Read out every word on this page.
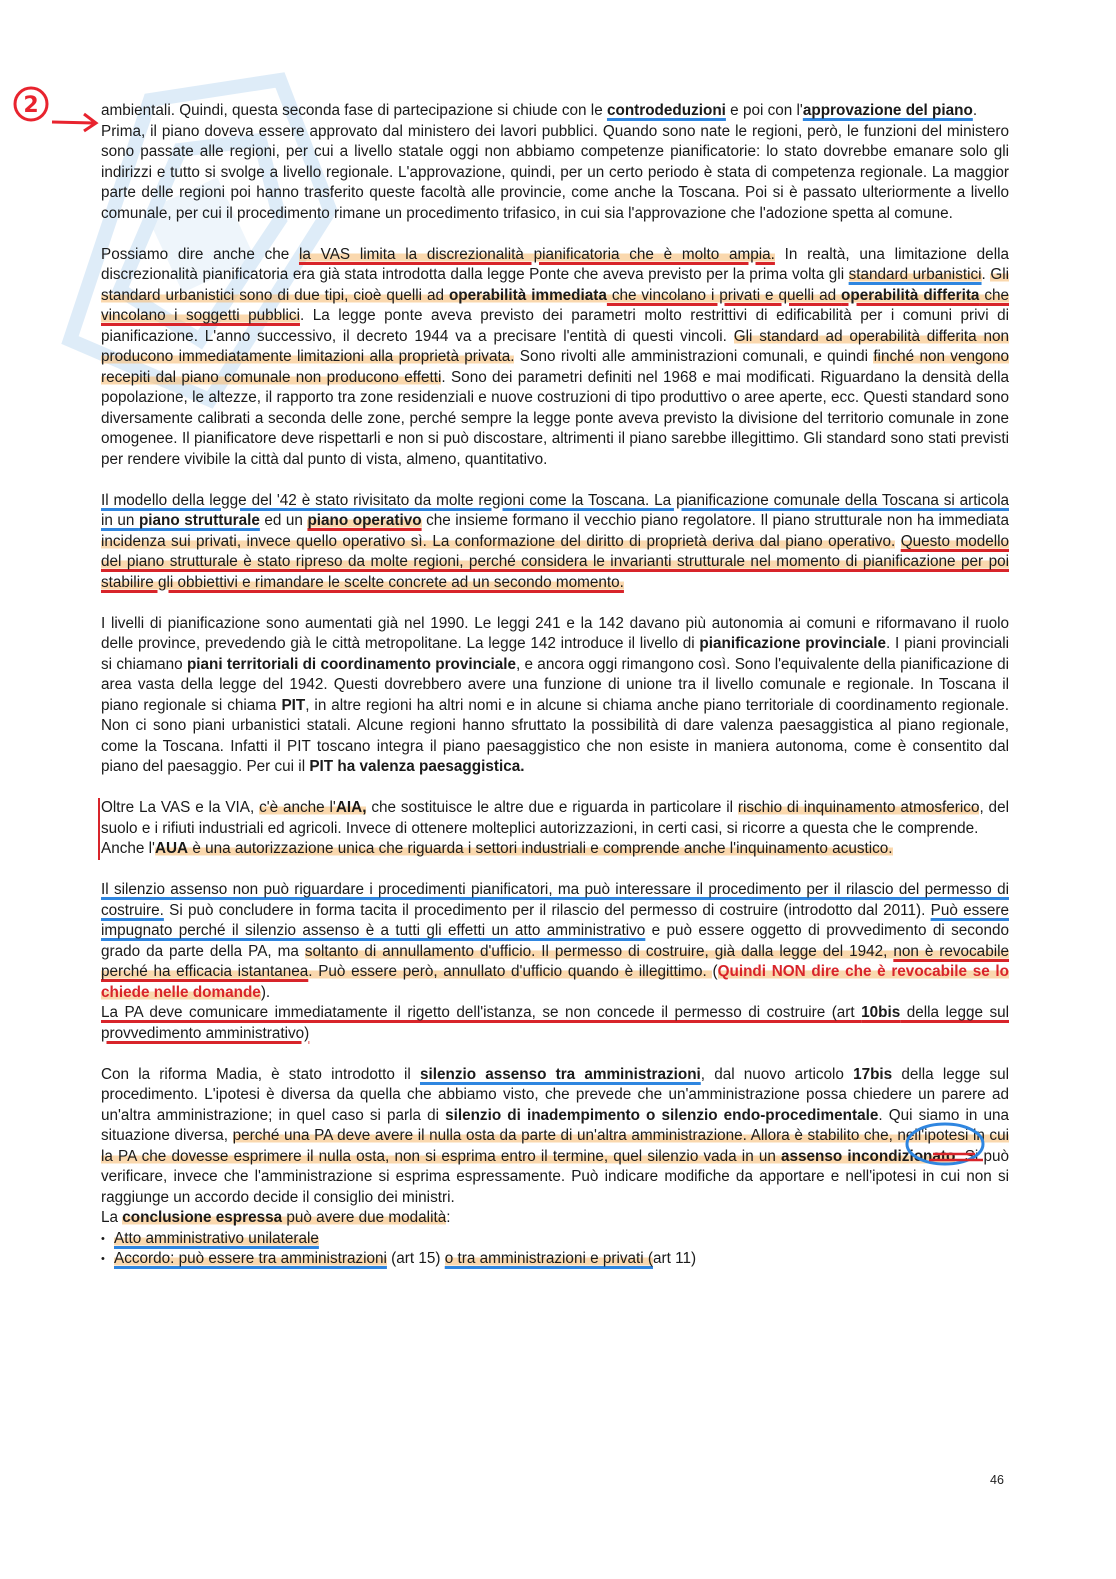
2	ambientali. Quindi, questa seconda fase di partecipazione si chiude con le controdeduzioni e poi con l'approvazione del piano.

Prima, il piano doveva essere approvato dal ministero dei lavori pubblici. Quando sono nate le regioni, però, le funzioni del ministero sono passate alle regioni, per cui a livello statale oggi non abbiamo competenze pianificatorie: lo stato dovrebbe emanare solo gli indirizzi e tutto si svolge a livello regionale. L'approvazione, quindi, per un certo periodo è stata di competenza regionale. La maggior parte delle regioni poi hanno trasferito queste facoltà alle provincie, come anche la Toscana. Poi si è passato ulteriormente a livello comunale, per cui il procedimento rimane un procedimento trifasico, in cui sia l'approvazione che l'adozione spetta al comune.

Possiamo dire anche che la VAS limita la discrezionalità pianificatoria che è molto ampia. In realtà, una limitazione della discrezionalità pianificatoria era già stata introdotta dalla legge Ponte che aveva previsto per la prima volta gli standard urbanistici. Gli standard urbanistici sono di due tipi, cioè quelli ad operabilità immediata che vincolano i privati e quelli ad operabilità differita che vincolano i soggetti pubblici. La legge ponte aveva previsto dei parametri molto restrittivi di edificabilità per i comuni privi di pianificazione. L'anno successivo, il decreto 1944 va a precisare l'entità di questi vincoli. Gli standard ad operabilità differita non producono immediatamente limitazioni alla proprietà privata. Sono rivolti alle amministrazioni comunali, e quindi finché non vengono recepiti dal piano comunale non producono effetti. Sono dei parametri definiti nel 1968 e mai modificati. Riguardano la densità della popolazione, le altezze, il rapporto tra zone residenziali e nuove costruzioni di tipo produttivo o aree aperte, ecc. Questi standard sono diversamente calibrati a seconda delle zone, perché sempre la legge ponte aveva previsto la divisione del territorio comunale in zone omogenee. Il pianificatore deve rispettarli e non si può discostare, altrimenti il piano sarebbe illegittimo. Gli standard sono stati previsti per rendere vivibile la città dal punto di vista, almeno, quantitativo.

Il modello della legge del '42 è stato rivisitato da molte regioni come la Toscana. La pianificazione comunale della Toscana si articola in un piano strutturale ed un piano operativo che insieme formano il vecchio piano regolatore. Il piano strutturale non ha immediata incidenza sui privati, invece quello operativo sì. La conformazione del diritto di proprietà deriva dal piano operativo. Questo modello del piano strutturale è stato ripreso da molte regioni, perché considera le invarianti strutturale nel momento di pianificazione per poi stabilire gli obbiettivi e rimandare le scelte concrete ad un secondo momento.

I livelli di pianificazione sono aumentati già nel 1990. Le leggi 241 e la 142 davano più autonomia ai comuni e riformavano il ruolo delle province, prevedendo già le città metropolitane. La legge 142 introduce il livello di pianificazione provinciale. I piani provinciali si chiamano piani territoriali di coordinamento provinciale, e ancora oggi rimangono così. Sono l'equivalente della pianificazione di area vasta della legge del 1942. Questi dovrebbero avere una funzione di unione tra il livello comunale e regionale. In Toscana il piano regionale si chiama PIT, in altre regioni ha altri nomi e in alcune si chiama anche piano territoriale di coordinamento regionale. Non ci sono piani urbanistici statali. Alcune regioni hanno sfruttato la possibilità di dare valenza paesaggistica al piano regionale, come la Toscana. Infatti il PIT toscano integra il piano paesaggistico che non esiste in maniera autonoma, come è consentito dal piano del paesaggio. Per cui il PIT ha valenza paesaggistica.

Oltre La VAS e la VIA, c'è anche l'AIA, che sostituisce le altre due e riguarda in particolare il rischio di inquinamento atmosferico, del suolo e i rifiuti industriali ed agricoli. Invece di ottenere molteplici autorizzazioni, in certi casi, si ricorre a questa che le comprende.

Anche l'AUA è una autorizzazione unica che riguarda i settori industriali e comprende anche l'inquinamento acustico.

Il silenzio assenso non può riguardare i procedimenti pianificatori, ma può interessare il procedimento per il rilascio del permesso di costruire. Si può concludere in forma tacita il procedimento per il rilascio del permesso di costruire (introdotto dal 2011). Può essere impugnato perché il silenzio assenso è a tutti gli effetti un atto amministrativo e può essere oggetto di provvedimento di secondo grado da parte della PA, ma soltanto di annullamento d'ufficio. Il permesso di costruire, già dalla legge del 1942, non è revocabile perché ha efficacia istantanea. Può essere però, annullato d'ufficio quando è illegittimo. (Quindi NON dire che è revocabile se lo chiede nelle domande).

La PA deve comunicare immediatamente il rigetto dell'istanza, se non concede il permesso di costruire (art 10bis della legge sul provvedimento amministrativo)

Con la riforma Madia, è stato introdotto il silenzio assenso tra amministrazioni, dal nuovo articolo 17bis della legge sul procedimento. L'ipotesi è diversa da quella che abbiamo visto, che prevede che un'amministrazione possa chiedere un parere ad un'altra amministrazione; in quel caso si parla di silenzio di inadempimento o silenzio endo-procedimentale. Qui siamo in una situazione diversa, perché una PA deve avere il nulla osta da parte di un'altra amministrazione. Allora è stabilito che, nell'ipotesi in cui la PA che dovesse esprimere il nulla osta, non si esprima entro il termine, quel silenzio vada in un assenso incondizionato. Si può verificare, invece che l'amministrazione si esprima espressamente. Può indicare modifiche da apportare e nell'ipotesi in cui non si raggiunge un accordo decide il consiglio dei ministri.

La conclusione espressa può avere due modalità:

• Atto amministrativo unilaterale
• Accordo: può essere tra amministrazioni (art 15) o tra amministrazioni e privati (art 11)
46
